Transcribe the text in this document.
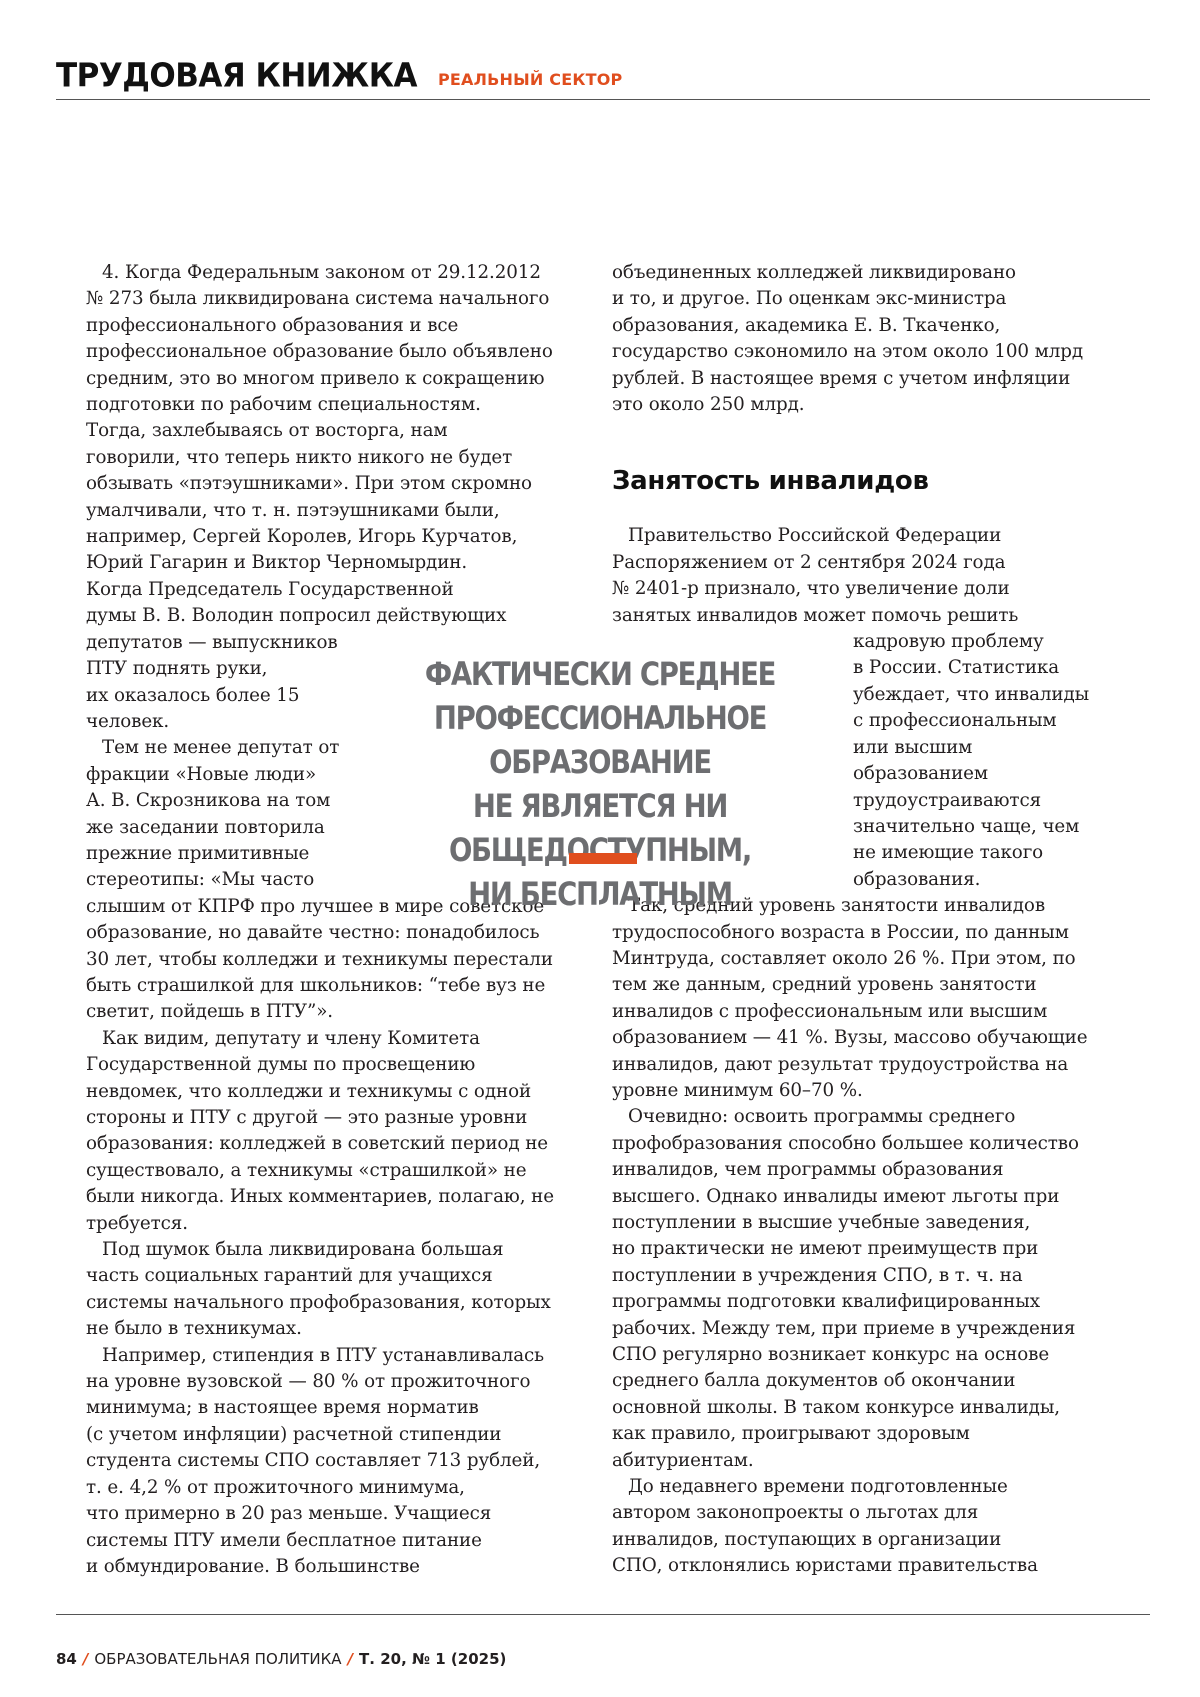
ТРУДОВАЯ КНИЖКА РЕАЛЬНЫЙ СЕКТОР

4. Когда Федеральным законом от 29.12.2012

№ 273 была ликвидирована система начального

профессионального образования и все

профессиональное образование было объявлено

средним, это во многом привело к сокращению

подготовки по рабочим специальностям.

Тогда, захлебываясь от восторга, нам

говорили, что теперь никто никого не будет

обзывать «пэтэушниками». При этом скромно

умалчивали, что т. н. пэтэушниками были,

например, Сергей Королев, Игорь Курчатов,

Юрий Гагарин и Виктор Черномырдин.

Когда Председатель Государственной

думы В. В. Володин попросил действующих

депутатов — выпускников

ПТУ поднять руки,

их оказалось более 15

человек.

Тем не менее депутат от

фракции «Новые люди»

А. В. Скрозникова на том

же заседании повторила

прежние примитивные

стереотипы: «Мы часто

слышим от КПРФ про лучшее в мире советское

образование, но давайте честно: понадобилось

30 лет, чтобы колледжи и техникумы перестали

быть страшилкой для школьников: “тебе вуз не

светит, пойдешь в ПТУ”».

Как видим, депутату и члену Комитета

Государственной думы по просвещению

невдомек, что колледжи и техникумы с одной

стороны и ПТУ с другой — это разные уровни

образования: колледжей в советский период не

существовало, а техникумы «страшилкой» не

были никогда. Иных комментариев, полагаю, не

требуется.

Под шумок была ликвидирована большая

часть социальных гарантий для учащихся

системы начального профобразования, которых

не было в техникумах.

Например, стипендия в ПТУ устанавливалась

на уровне вузовской — 80 % от прожиточного

минимума; в настоящее время норматив

(с учетом инфляции) расчетной стипендии

студента системы СПО составляет 713 рублей,

т. е. 4,2 % от прожиточного минимума,

что примерно в 20 раз меньше. Учащиеся

системы ПТУ имели бесплатное питание

и обмундирование. В большинстве

объединенных колледжей ликвидировано

и то, и другое. По оценкам экс-министра

образования, академика Е. В. Ткаченко,

государство сэкономило на этом около 100 млрд

рублей. В настоящее время с учетом инфляции

это около 250 млрд.

Правительство Российской Федерации

Распоряжением от 2 сентября 2024 года

№ 2401-р признало, что увеличение доли

занятых инвалидов может помочь решить

кадровую проблему

в России. Статистика

убеждает, что инвалиды

с профессиональным

или высшим

образованием

трудоустраиваются

значительно чаще, чем

не имеющие такого

образования.

Так, средний уровень занятости инвалидов

трудоспособного возраста в России, по данным

Минтруда, составляет около 26 %. При этом, по

тем же данным, средний уровень занятости

инвалидов с профессиональным или высшим

образованием — 41 %. Вузы, массово обучающие

инвалидов, дают результат трудоустройства на

уровне минимум 60–70 %.

Очевидно: освоить программы среднего

профобразования способно большее количество

инвалидов, чем программы образования

высшего. Однако инвалиды имеют льготы при

поступлении в высшие учебные заведения,

но практически не имеют преимуществ при

поступлении в учреждения СПО, в т. ч. на

программы подготовки квалифицированных

рабочих. Между тем, при приеме в учреждения

СПО регулярно возникает конкурс на основе

среднего балла документов об окончании

основной школы. В таком конкурсе инвалиды,

как правило, проигрывают здоровым

абитуриентам.

До недавнего времени подготовленные

автором законопроекты о льготах для

инвалидов, поступающих в организации

СПО, отклонялись юристами правительства

Занятость инвалидов
ФАКТИЧЕСКИ СРЕДНЕЕ
ПРОФЕССИОНАЛЬНОЕ ОБРАЗОВАНИЕ
НЕ ЯВЛЯЕТСЯ НИ ОБЩЕДОСТУПНЫМ,
НИ БЕСПЛАТНЫМ
84 / ОБРАЗОВАТЕЛЬНАЯ ПОЛИТИКА / Т. 20, № 1 (2025)
